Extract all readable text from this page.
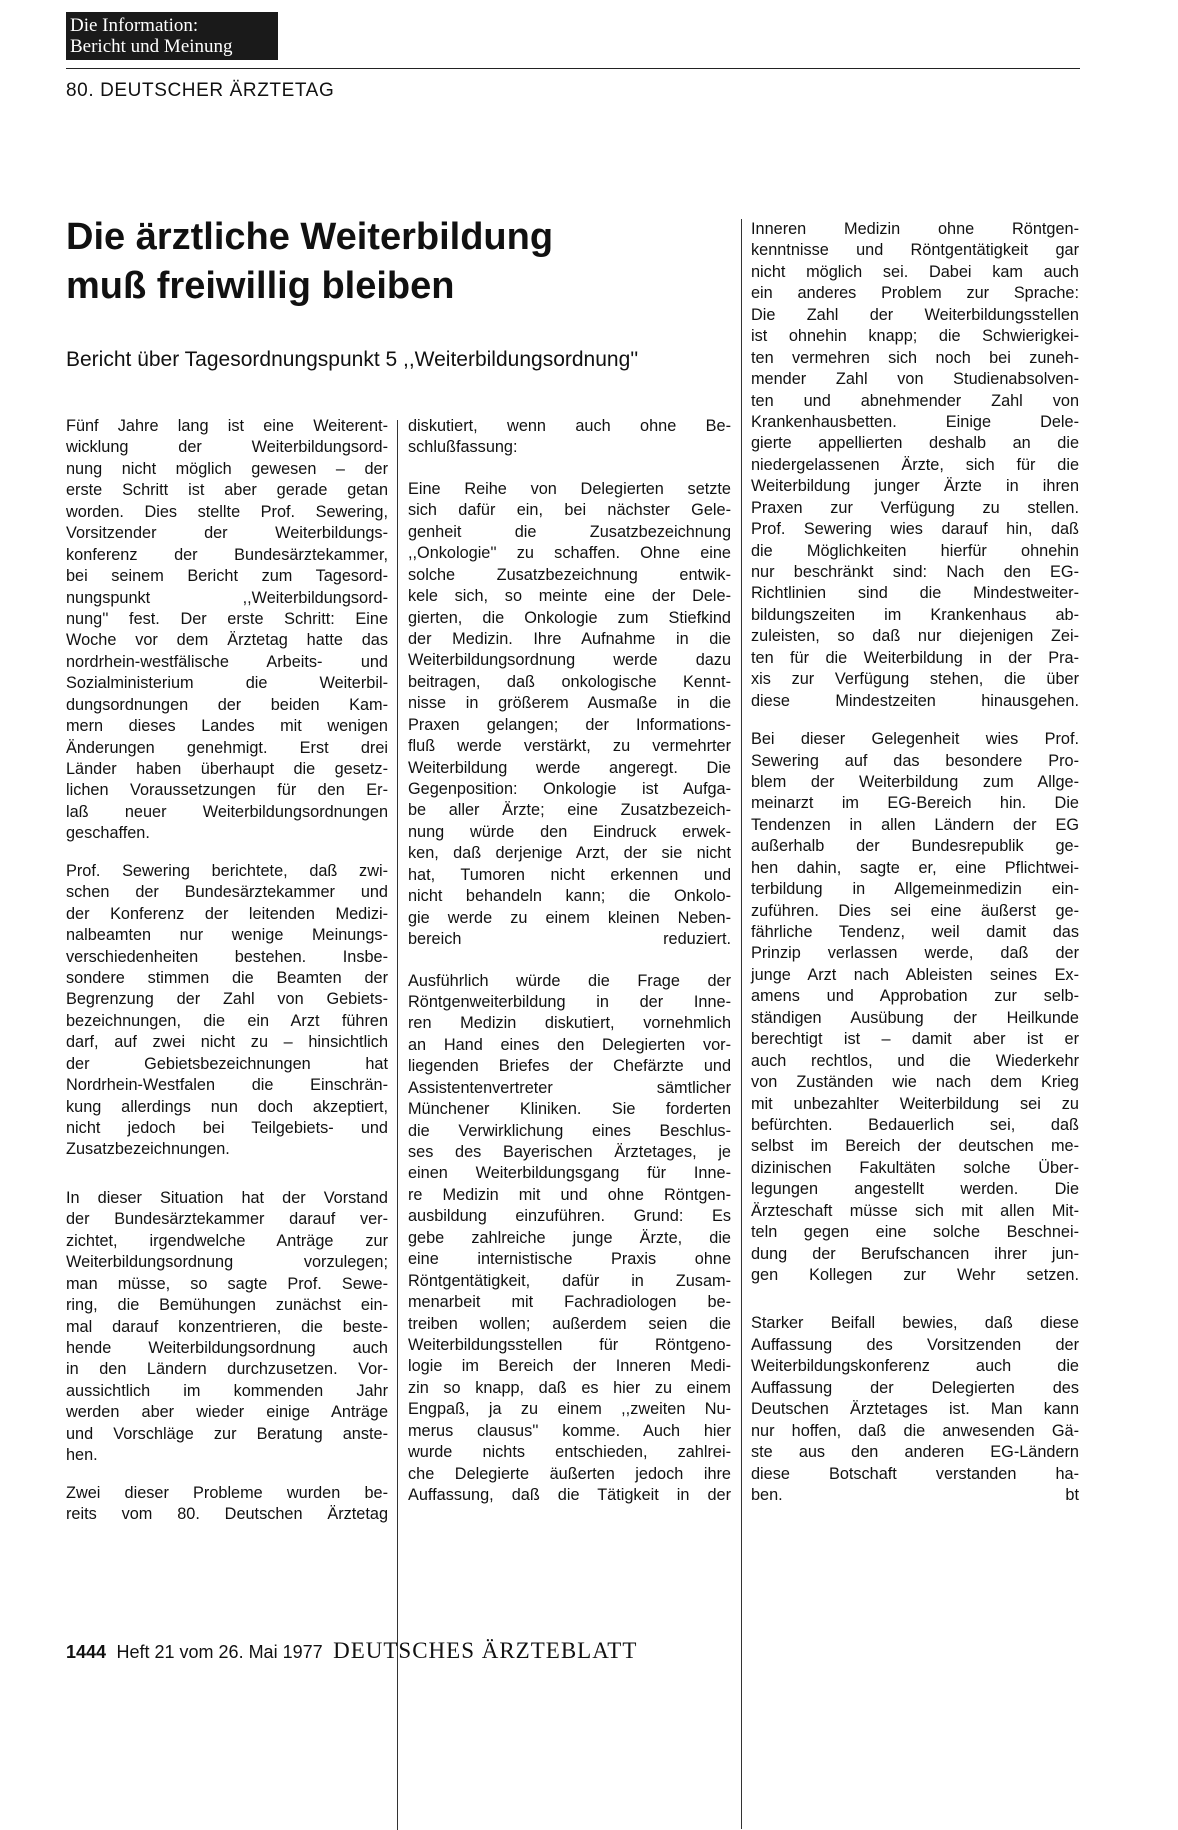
Die Information:
Bericht und Meinung
80. DEUTSCHER ÄRZTETAG
Die ärztliche Weiterbildung
muß freiwillig bleiben
Bericht über Tagesordnungspunkt 5 ,,Weiterbildungsordnung''

Fünf Jahre lang ist eine Weiterent-
wicklung der Weiterbildungsord-
nung nicht möglich gewesen – der
erste Schritt ist aber gerade getan
worden. Dies stellte Prof. Sewering,
Vorsitzender der Weiterbildungs-
konferenz der Bundesärztekammer,
bei seinem Bericht zum Tagesord-
nungspunkt ,,Weiterbildungsord-
nung'' fest. Der erste Schritt: Eine
Woche vor dem Ärztetag hatte das
nordrhein-westfälische Arbeits- und
Sozialministerium die Weiterbil-
dungsordnungen der beiden Kam-
mern dieses Landes mit wenigen
Änderungen genehmigt. Erst drei
Länder haben überhaupt die gesetz-
lichen Voraussetzungen für den Er-
laß neuer Weiterbildungsordnungen
geschaffen.

Prof. Sewering berichtete, daß zwi-
schen der Bundesärztekammer und
der Konferenz der leitenden Medizi-
nalbeamten nur wenige Meinungs-
verschiedenheiten bestehen. Insbe-
sondere stimmen die Beamten der
Begrenzung der Zahl von Gebiets-
bezeichnungen, die ein Arzt führen
darf, auf zwei nicht zu – hinsichtlich
der Gebietsbezeichnungen hat
Nordrhein-Westfalen die Einschrän-
kung allerdings nun doch akzeptiert,
nicht jedoch bei Teilgebiets- und
Zusatzbezeichnungen.

In dieser Situation hat der Vorstand
der Bundesärztekammer darauf ver-
zichtet, irgendwelche Anträge zur
Weiterbildungsordnung vorzulegen;
man müsse, so sagte Prof. Sewe-
ring, die Bemühungen zunächst ein-
mal darauf konzentrieren, die beste-
hende Weiterbildungsordnung auch
in den Ländern durchzusetzen. Vor-
aussichtlich im kommenden Jahr
werden aber wieder einige Anträge
und Vorschläge zur Beratung anste-
hen.

Zwei dieser Probleme wurden be-
reits vom 80. Deutschen Ärztetag

diskutiert, wenn auch ohne Be-
schlußfassung:

Eine Reihe von Delegierten setzte
sich dafür ein, bei nächster Gele-
genheit die Zusatzbezeichnung
,,Onkologie'' zu schaffen. Ohne eine
solche Zusatzbezeichnung entwik-
kele sich, so meinte eine der Dele-
gierten, die Onkologie zum Stiefkind
der Medizin. Ihre Aufnahme in die
Weiterbildungsordnung werde dazu
beitragen, daß onkologische Kennt-
nisse in größerem Ausmaße in die
Praxen gelangen; der Informations-
fluß werde verstärkt, zu vermehrter
Weiterbildung werde angeregt. Die
Gegenposition: Onkologie ist Aufga-
be aller Ärzte; eine Zusatzbezeich-
nung würde den Eindruck erwek-
ken, daß derjenige Arzt, der sie nicht
hat, Tumoren nicht erkennen und
nicht behandeln kann; die Onkolo-
gie werde zu einem kleinen Neben-
bereich reduziert.

Ausführlich würde die Frage der
Röntgenweiterbildung in der Inne-
ren Medizin diskutiert, vornehmlich
an Hand eines den Delegierten vor-
liegenden Briefes der Chefärzte und
Assistentenvertreter sämtlicher
Münchener Kliniken. Sie forderten
die Verwirklichung eines Beschlus-
ses des Bayerischen Ärztetages, je
einen Weiterbildungsgang für Inne-
re Medizin mit und ohne Röntgen-
ausbildung einzuführen. Grund: Es
gebe zahlreiche junge Ärzte, die
eine internistische Praxis ohne
Röntgentätigkeit, dafür in Zusam-
menarbeit mit Fachradiologen be-
treiben wollen; außerdem seien die
Weiterbildungsstellen für Röntgeno-
logie im Bereich der Inneren Medi-
zin so knapp, daß es hier zu einem
Engpaß, ja zu einem ,,zweiten Nu-
merus clausus'' komme. Auch hier
wurde nichts entschieden, zahlrei-
che Delegierte äußerten jedoch ihre
Auffassung, daß die Tätigkeit in der

Inneren Medizin ohne Röntgen-
kenntnisse und Röntgentätigkeit gar
nicht möglich sei. Dabei kam auch
ein anderes Problem zur Sprache:
Die Zahl der Weiterbildungsstellen
ist ohnehin knapp; die Schwierigkei-
ten vermehren sich noch bei zuneh-
mender Zahl von Studienabsolven-
ten und abnehmender Zahl von
Krankenhausbetten. Einige Dele-
gierte appellierten deshalb an die
niedergelassenen Ärzte, sich für die
Weiterbildung junger Ärzte in ihren
Praxen zur Verfügung zu stellen.
Prof. Sewering wies darauf hin, daß
die Möglichkeiten hierfür ohnehin
nur beschränkt sind: Nach den EG-
Richtlinien sind die Mindestweiter-
bildungszeiten im Krankenhaus ab-
zuleisten, so daß nur diejenigen Zei-
ten für die Weiterbildung in der Pra-
xis zur Verfügung stehen, die über
diese Mindestzeiten hinausgehen.

Bei dieser Gelegenheit wies Prof.
Sewering auf das besondere Pro-
blem der Weiterbildung zum Allge-
meinarzt im EG-Bereich hin. Die
Tendenzen in allen Ländern der EG
außerhalb der Bundesrepublik ge-
hen dahin, sagte er, eine Pflichtwei-
terbildung in Allgemeinmedizin ein-
zuführen. Dies sei eine äußerst ge-
fährliche Tendenz, weil damit das
Prinzip verlassen werde, daß der
junge Arzt nach Ableisten seines Ex-
amens und Approbation zur selb-
ständigen Ausübung der Heilkunde
berechtigt ist – damit aber ist er
auch rechtlos, und die Wiederkehr
von Zuständen wie nach dem Krieg
mit unbezahlter Weiterbildung sei zu
befürchten. Bedauerlich sei, daß
selbst im Bereich der deutschen me-
dizinischen Fakultäten solche Über-
legungen angestellt werden. Die
Ärzteschaft müsse sich mit allen Mit-
teln gegen eine solche Beschnei-
dung der Berufschancen ihrer jun-
gen Kollegen zur Wehr setzen.

Starker Beifall bewies, daß diese
Auffassung des Vorsitzenden der
Weiterbildungskonferenz auch die
Auffassung der Delegierten des
Deutschen Ärztetages ist. Man kann
nur hoffen, daß die anwesenden Gä-
ste aus den anderen EG-Ländern
diese Botschaft verstanden ha-
ben. bt

1444 Heft 21 vom 26. Mai 1977 DEUTSCHES ÄRZTEBLATT
